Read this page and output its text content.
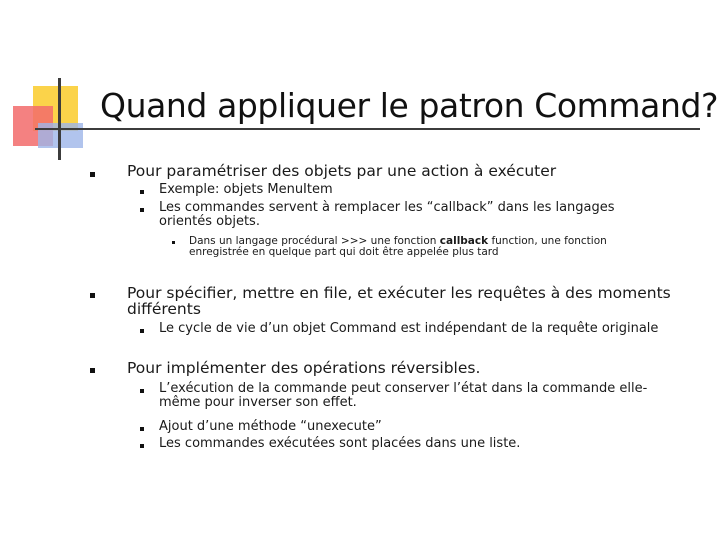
Quand appliquer le patron Command?
Pour paramétriser des objets par une action à exécuter
Exemple: objets MenuItem
Les commandes servent à remplacer les “callback” dans les langages
orientés objets.
Dans un langage procédural >>> une fonction callback function, une fonction
enregistrée en quelque part qui doit être appelée plus tard
Pour spécifier, mettre en file, et exécuter les requêtes à des moments
différents
Le cycle de vie d’un objet Command est indépendant de la requête originale
Pour implémenter des opérations réversibles.
L’exécution de la commande peut conserver l’état dans la commande elle-
même pour inverser son effet.
Ajout d’une méthode “unexecute”
Les commandes exécutées sont placées dans une liste.
